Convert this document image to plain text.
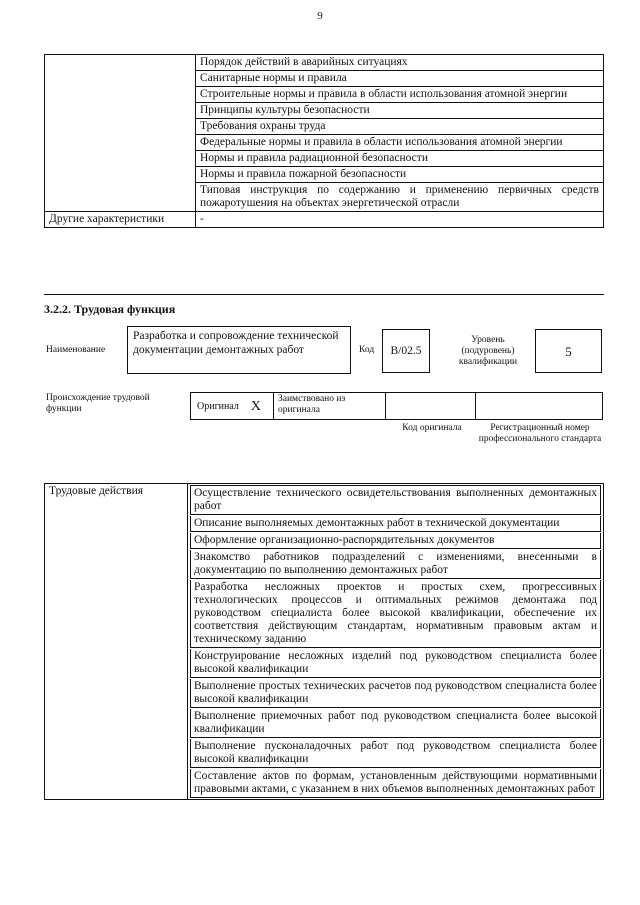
9
	Порядок действий в аварийных ситуациях
	Санитарные нормы и правила
	Строительные нормы и правила в области использования атомной энергии
	Принципы культуры безопасности
	Требования охраны труда
	Федеральные нормы и правила в области использования атомной энергии
	Нормы и правила радиационной безопасности
	Нормы и правила пожарной безопасности
	Типовая инструкция по содержанию и применению первичных средств пожаротушения на объектах энергетической отрасли
Другие характеристики	-
3.2.2. Трудовая функция
Наименование
Разработка и сопровождение технической документации демонтажных работ	Код B/02.5
Уровень (подуровень) квалификации
5
Происхождение трудовой функции	Оригинал X	Заимствовано из оригинала
Код оригинала	Регистрационный номер профессионального стандарта
Трудовые действия	Осуществление технического освидетельствования выполненных демонтажных работ
Описание выполняемых демонтажных работ в технической документации
Оформление организационно-распорядительных документов
Знакомство работников подразделений с изменениями, внесенными в документацию по выполнению демонтажных работ
Разработка несложных проектов и простых схем, прогрессивных технологических процессов и оптимальных режимов демонтажа под руководством специалиста более высокой квалификации, обеспечение их соответствия действующим стандартам, нормативным правовым актам и техническому заданию
Конструирование несложных изделий под руководством специалиста более высокой квалификации
Выполнение простых технических расчетов под руководством специалиста более высокой квалификации
Выполнение приемочных работ под руководством специалиста более высокой квалификации
Выполнение пусконаладочных работ под руководством специалиста более высокой квалификации
Составление актов по формам, установленным действующими нормативными правовыми актами, с указанием в них объемов выполненных демонтажных работ
